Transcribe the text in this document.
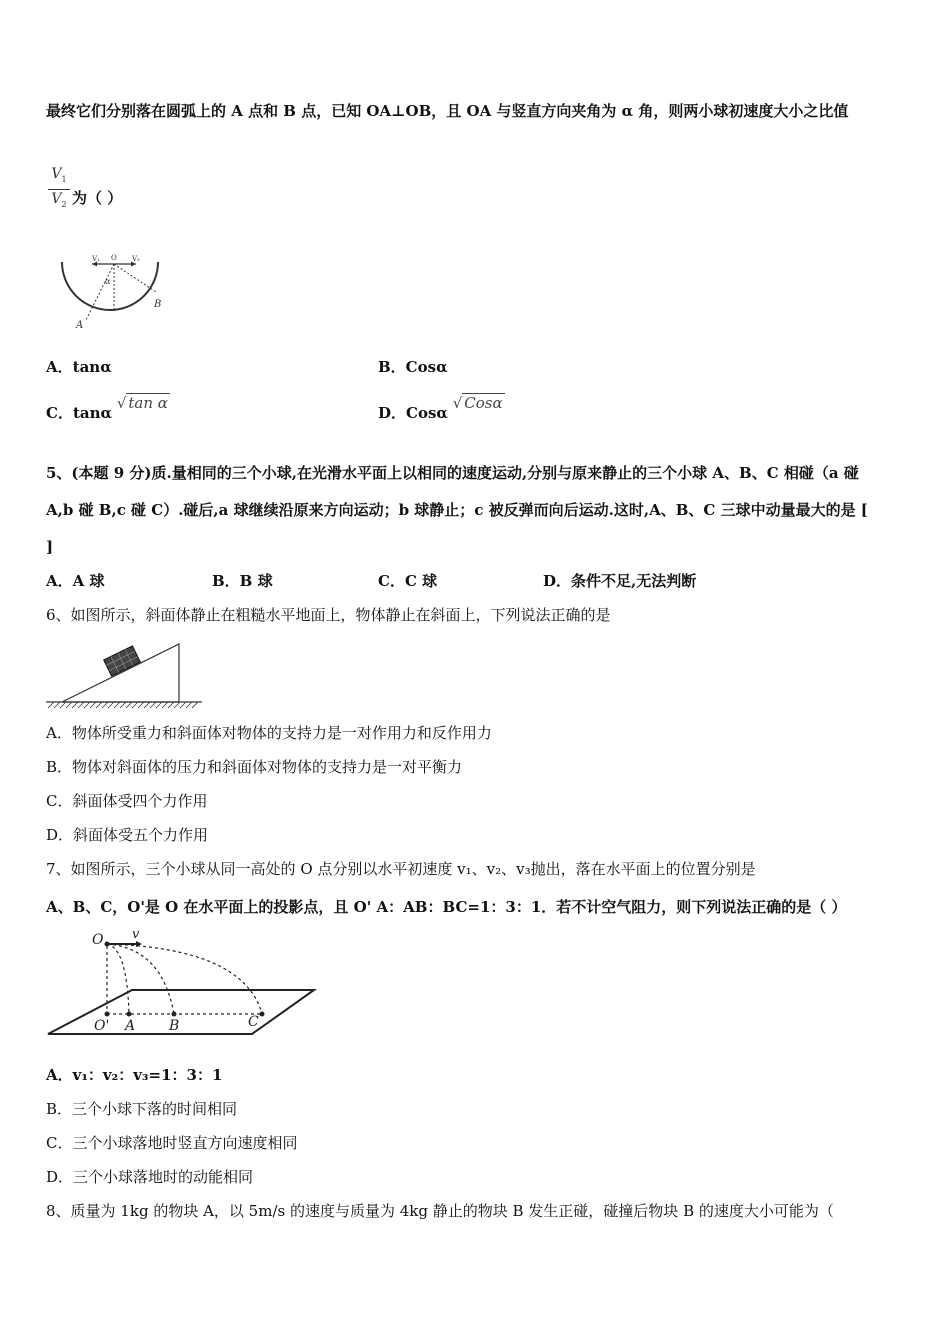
最终它们分别落在圆弧上的 A 点和 B 点，已知 OA⊥OB，且 OA 与竖直方向夹角为 α 角，则两小球初速度大小之比值
$V_1$
$V_2$ 为（ ）
V₁ O V₂
α
A
B
A．tanα	B．Cosα
C．tanα √ tan α
D．Cosα √ Cosα
5、(本题 9 分)质.量相同的三个小球,在光滑水平面上以相同的速度运动,分别与原来静止的三个小球 A、B、C 相碰（a 碰
A,b 碰 B,c 碰 C）.碰后,a 球继续沿原来方向运动；b 球静止；c 被反弹而向后运动.这时,A、B、C 三球中动量最大的是 [
]
A．A 球	B．B 球	C．C 球	D．条件不足,无法判断
6、如图所示，斜面体静止在粗糙水平地面上，物体静止在斜面上，下列说法正确的是
A．物体所受重力和斜面体对物体的支持力是一对作用力和反作用力
B．物体对斜面体的压力和斜面体对物体的支持力是一对平衡力
C．斜面体受四个力作用
D．斜面体受五个力作用
7、如图所示，三个小球从同一高处的 O 点分别以水平初速度 v₁、v₂、v₃抛出，落在水平面上的位置分别是
A、B、C，O'是 O 在水平面上的投影点，且 O' A：AB：BC=1：3：1．若不计空气阻力，则下列说法正确的是（ ）
O v
O' A B	C
A．v₁：v₂：v₃=1：3：1
B．三个小球下落的时间相同
C．三个小球落地时竖直方向速度相同
D．三个小球落地时的动能相同
8、质量为 1kg 的物块 A，以 5m/s 的速度与质量为 4kg 静止的物块 B 发生正碰，碰撞后物块 B 的速度大小可能为（
